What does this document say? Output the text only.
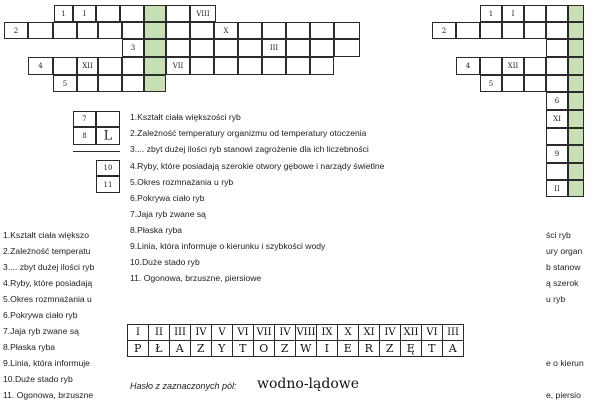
1 I	VIII
2	X
3	III
4	XII	VII
5
7
8 L
10
11
1	I
2
4	XII
5
6
XI
9
II
1.Kształt ciała większości ryb
2.Zależność temperatury organizmu od temperatury otoczenia
3.... zbyt dużej ilości ryb stanowi zagrożenie dla ich liczebności
4.Ryby, które posiadają szerokie otwory gębowe i narządy świetlne
5.Okres rozmnażania u ryb
6.Pokrywa ciało ryb
7.Jaja ryb zwane są
8.Płaska ryba
9.Linia, która informuje o kierunku i szybkości wody
10.Duże stado ryb
11. Ogonowa, brzuszne, piersiowe
1.Kształt ciała większo
2.Zależność temperatu
3.... zbyt dużej ilości ryb
4.Ryby, które posiadają
5.Okres rozmnażania u
6.Pokrywa ciało ryb
7.Jaja ryb zwane są
8.Płaska ryba
9.Linia, która informuje
10.Duże stado ryb
11. Ogonowa, brzuszne
ści ryb
ury organ
b stanow
ą szerok
u ryb
e o kierun
e, piersio
I	II	III	IV	V	VI	VII	IV	VIII	IX	X	XI	IV	XII	VI	III
P	Ł	A	Z	Y	T	O	Z	W	I	E	R	Z	Ę	T	A
Hasło z zaznaczonych pól: wodno-lądowe
